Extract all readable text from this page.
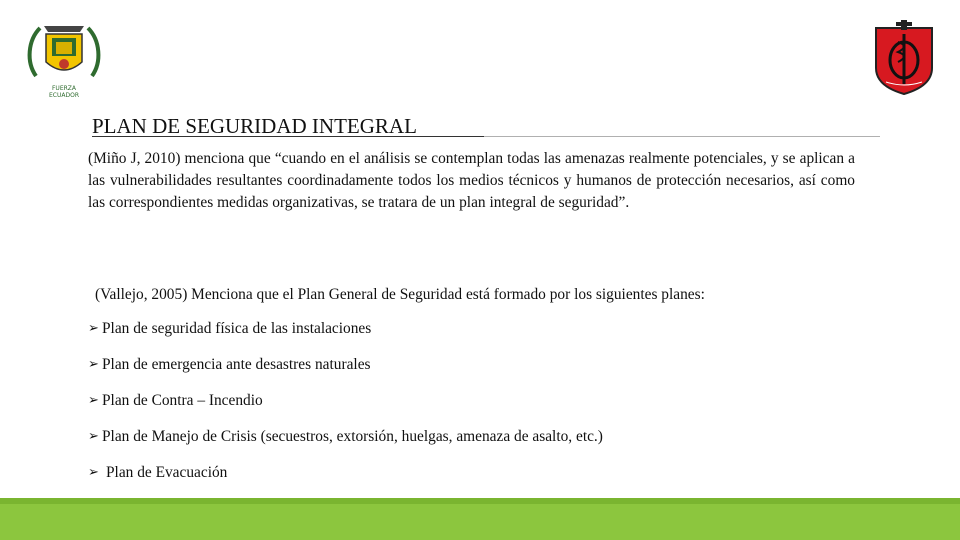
FUERZA
ECUADOR
PLAN DE SEGURIDAD INTEGRAL
(Miño J, 2010) menciona que “cuando en el análisis se contemplan todas las amenazas realmente potenciales, y se aplican a las vulnerabilidades resultantes coordinadamente todos los medios técnicos y humanos de protección necesarios, así como las correspondientes medidas organizativas, se tratara de un plan integral de seguridad”.
(Vallejo, 2005) Menciona que el Plan General de Seguridad está formado por los siguientes planes:
➢ Plan de seguridad física de las instalaciones
➢ Plan de emergencia ante desastres naturales
➢ Plan de Contra – Incendio
➢ Plan de Manejo de Crisis (secuestros, extorsión, huelgas, amenaza de asalto, etc.)
➢ Plan de Evacuación
